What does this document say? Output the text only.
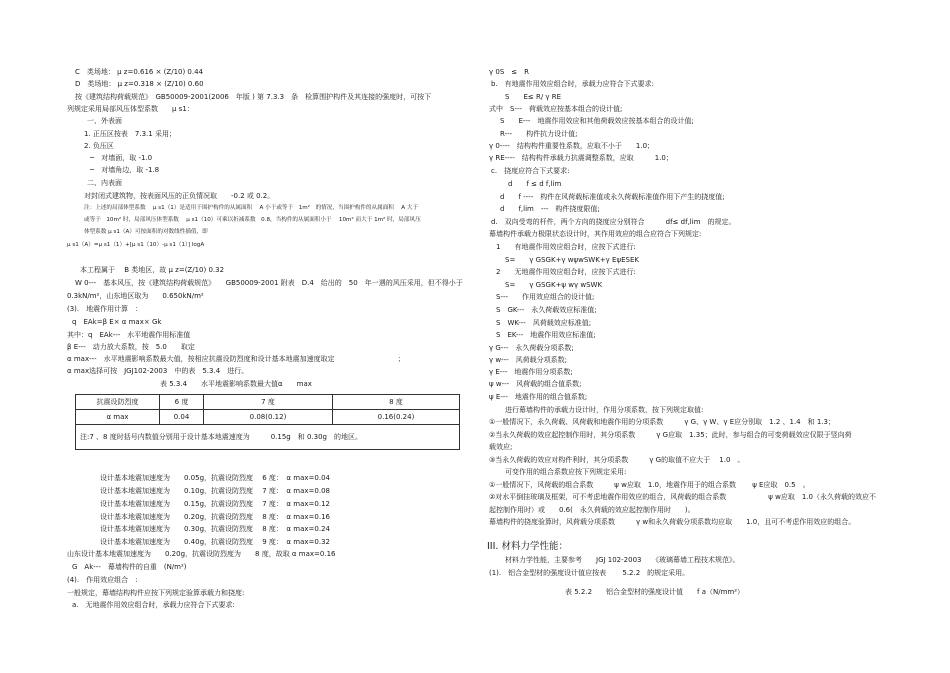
C　类场地： μ z=0.616 × (Z/10) 0.44
D　类场地： μ z=0.318 × (Z/10) 0.60
按《建筑结构荷载规范》　GB50009-2001(2006　年版 ) 第 7.3.3　条　检算围护构件及其连接的强度时，可按下
列规定采用局部风压体型系数　　μ s1：
一、外表面
1. 正压区按表　7.3.1 采用；
2. 负压区
─　对墙面，取 -1.0
─　对墙角边，取 -1.8
二、内表面
对封闭式建筑物，按表面风压的正负情况取　　-0.2 或 0.2。
注：上述的局部体型系数　 μ s1（1）是适用于围护构件的从属面积　 A 小于或等于　1m²　的情况，当围护构件的从属面积　 A 大于
或等于　10m² 时，局部风压体型系数　 μ s1（10）可乘以折减系数　0.8，当构件的从属面积小于　 10m² 而大于 1m² 时，局部风压
体型系数 μ s1（A）可按面积的对数线性插值，即
μ s1（A）=μ s1（1）+[μ s1（10）-μ s1（1）] logA
本工程属于　 B 类地区，故 μ z=(Z/10) 0.32
W 0---　基本风压，按《建筑结构荷载规范》　　GB50009-2001 附表　D.4　给出的　50　年一遇的风压采用，但不得小于
0.3kN/m²，山东地区取为　　0.650kN/m²
(3).　地震作用计算　：
q　EAk=β E× α max× Gk
其中：q　EAk---　水平地震作用标准值
β E---　动力放大系数，按　5.0　　取定
α max---　水平地震影响系数最大值，按相应抗震设防烈度和设计基本地震加速度取定　　　　　　　　　；
α max选择可按　JGJ102-2003　中的表　5.3.4　进行。
表 5.3.4　　水平地震影响系数最大值α　　max
设计基本地震加速度为　　0.05g，抗震设防烈度　 6 度：　α max=0.04
设计基本地震加速度为　　0.10g，抗震设防烈度　 7 度：　α max=0.08
设计基本地震加速度为　　0.15g，抗震设防烈度　 7 度：　α max=0.12
设计基本地震加速度为　　0.20g，抗震设防烈度　 8 度：　α max=0.16
设计基本地震加速度为　　0.30g，抗震设防烈度　 8 度：　α max=0.24
设计基本地震加速度为　　0.40g，抗震设防烈度　 9 度：　α max=0.32
山东设计基本地震加速度为　　0.20g，抗震设防烈度为　　8 度，故取 α max=0.16
G　Ak---　幕墙构件的自重　(N/m²)
(4).　作用效应组合　:
一般规定，幕墙结构构件应按下列规定验算承载力和挠度:
a.　无地震作用效应组合时，承载力应符合下式要求:
γ 0S　≤　R
b.　有地震作用效应组合时，承载力应符合下式要求:
S　　E≤ R/ γ RE
式中　S---　荷载效应按基本组合的设计值;
S　　E---　地震作用效应和其他荷载效应按基本组合的设计值;
R---　　构件抗力设计值;
γ 0----　结构构件重要性系数，应取不小于　　1.0；
γ RE----　结构构件承载力抗震调整系数，应取　　　1.0；
c.　挠度应符合下式要求:
d　　f ≤ d f,lim
d　　f ----　构件在风荷载标准值或永久荷载标准值作用下产生的挠度值;
d　　f,lim　---　构件挠度限值;
d.　双向受弯的杆件，两个方向的挠度应分别符合　　　df≤ df,lim　的规定。
幕墙构件承载力极限状态设计时，其作用效应的组合应符合下列规定:
1　　有地震作用效应组合时，应按下式进行:
S=　　γ GSGK+γ wψwSWK+γ EψESEK
2　　无地震作用效应组合时，应按下式进行:
S=　　γ GSGK+ψ wγ wSWK
S---　　作用效应组合的设计值;
S　GK---　永久荷载效应标准值;
S　WK---　风荷载效应标准值;
S　EK---　地震作用效应标准值;
γ G---　永久荷载分项系数;
γ w---　风荷载分项系数;
γ E---　地震作用分项系数;
ψ w---　风荷载的组合值系数;
ψ E---　地震作用的组合值系数;
进行幕墙构件的承载力设计时，作用分项系数，按下列规定取值:
①一般情况下，永久荷载、风荷载和地震作用的分项系数　　　γ G、γ W、γ E应分别取　1.2 、1.4　和 1.3；
②当永久荷载的效应起控制作用时，其分项系数　　　γ G应取　1.35；此时，参与组合的可变荷载效应仅限于竖向荷
载效应;
③当永久荷载的效应对构件利时，其分项系数　　　γ G的取值不应大于　 1.0　。
可变作用的组合系数应按下列规定采用:
①一般情况下，风荷载的组合系数　　　ψ w应取　1.0，地震作用于的组合系数　　 ψ E应取　0.5　。
②对水平倒挂玻璃及框架，可不考虑地震作用效应的组合，风荷载的组合系数　　　　　　ψ w应取　1.0（永久荷载的效应不
起控制作用时）或　　0.6(　永久荷载的效应起控制作用时　　)。
幕墙构件的挠度验算时，风荷载分项系数　　　γ w和永久荷载分项系数均应取　　1.0，且可不考虑作用效应的组合。
III. 材料力学性能：
材料力学性能，主要参考　　JGJ 102-2003　　《玻璃幕墙工程技术规范》。
(1).　铝合金型材的强度设计值应按表　　 5.2.2　的规定采用。
表 5.2.2　　铝合金型材的强度设计值　　f a（N/mm²）
抗震设防烈度	6 度	7 度	8 度
α max	0.04	0.08(0.12)	0.16(0.24)
注:7 、8 度时括号内数值分别用于设计基本地震速度为　　　0.15g　和 0.30g　的地区。			
